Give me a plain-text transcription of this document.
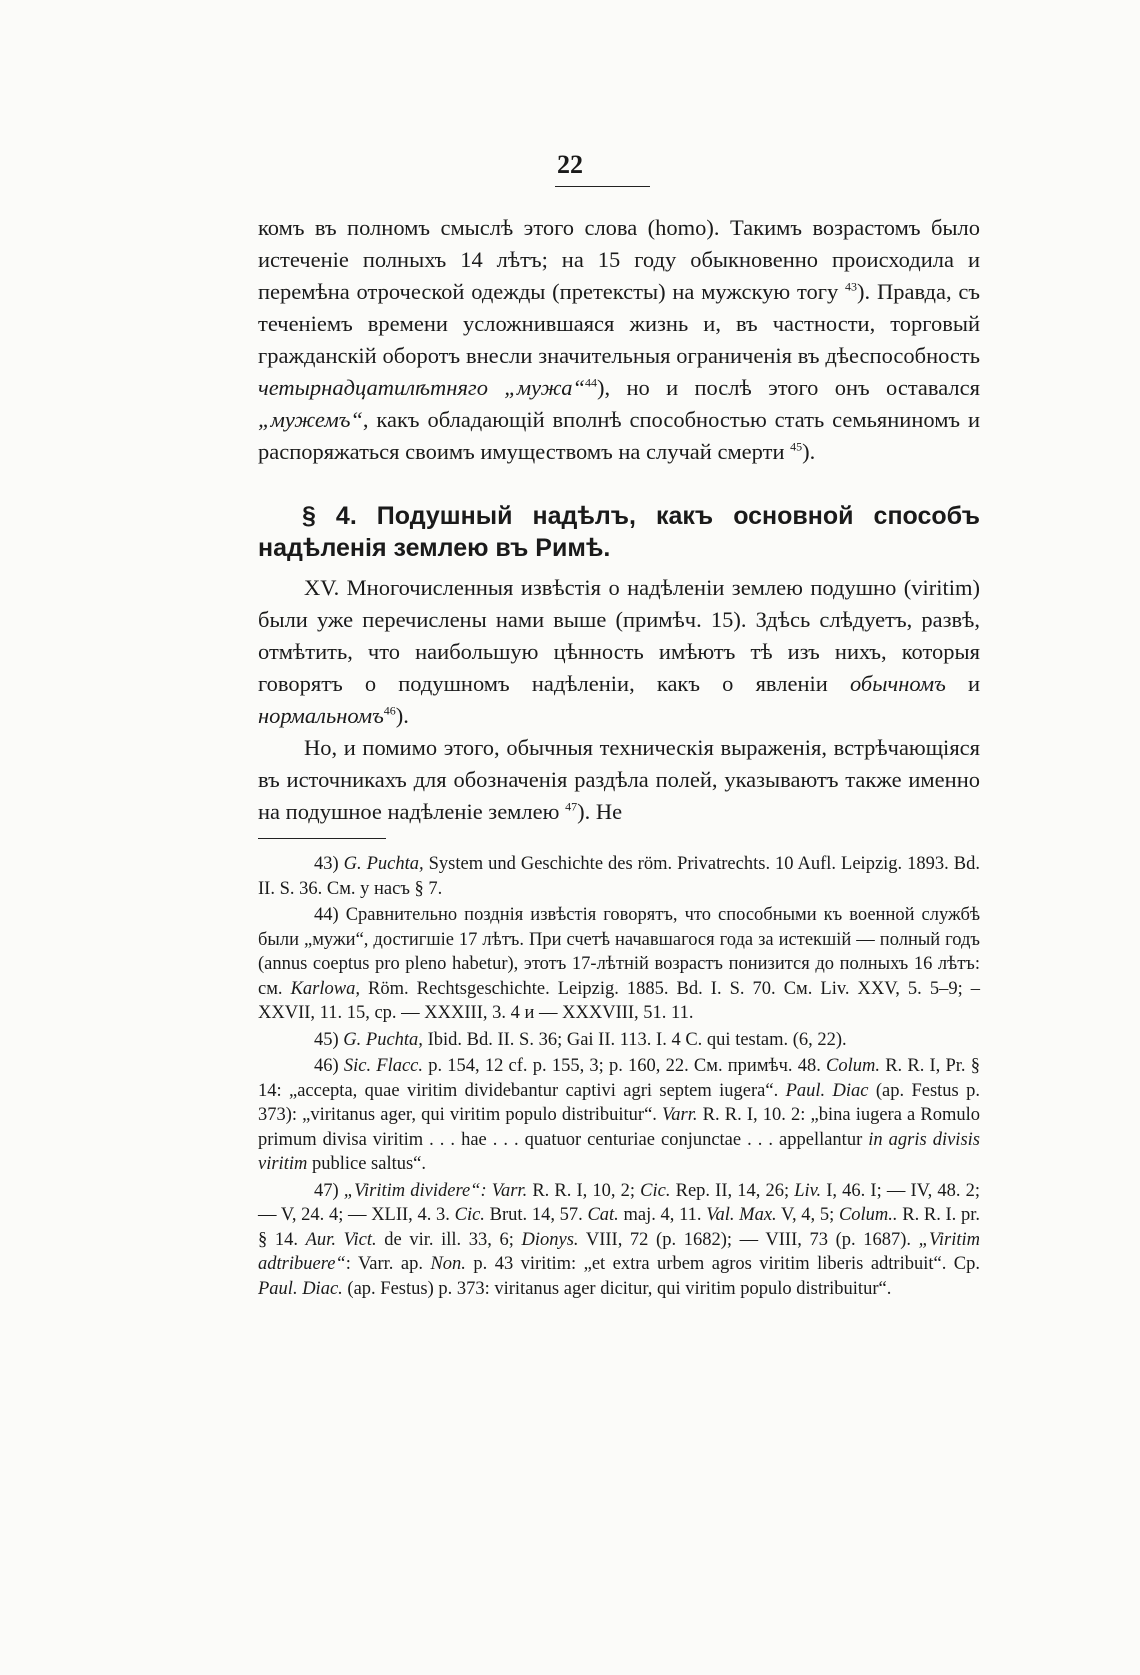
22

комъ въ полномъ смыслѣ этого слова (homo). Такимъ возрастомъ было истеченіе полныхъ 14 лѣтъ; на 15 году обыкновенно происходила и перемѣна отроческой одежды (претексты) на мужскую тогу $^{43}$). Правда, съ теченіемъ времени усложнившаяся жизнь и, въ частности, торговый гражданскій оборотъ внесли значительныя ограниченія въ дѣеспособность четырнадцатилѣтняго „мужа“$^{44}$), но и послѣ этого онъ оставался „мужемъ“, какъ обладающій вполнѣ способностью стать семьяниномъ и распоряжаться своимъ имуществомъ на случай смерти $^{45}$).

§ 4. Подушный надѣлъ, какъ основной способъ надѣленія землею въ Римѣ.

XV. Многочисленныя извѣстія о надѣленіи землею подушно (viritim) были уже перечислены нами выше (примѣч. 15). Здѣсь слѣдуетъ, развѣ, отмѣтить, что наибольшую цѣнность имѣютъ тѣ изъ нихъ, которыя говорятъ о подушномъ надѣленіи, какъ о явленіи обычномъ и нормальномъ$^{46}$).

Но, и помимо этого, обычныя техническія выраженія, встрѣчающіяся въ источникахъ для обозначенія раздѣла полей, указываютъ также именно на подушное надѣленіе землею $^{47}$). Не

43) G. Puchta, System und Geschichte des röm. Privatrechts. 10 Aufl. Leipzig. 1893. Bd. II. S. 36. См. у насъ § 7.

44) Сравнительно позднія извѣстія говорятъ, что способными къ военной службѣ были „мужи“, достигшіе 17 лѣтъ. При счетѣ начавшагося года за истекшій — полный годъ (annus coeptus pro pleno habetur), этотъ 17-лѣтній возрастъ понизится до полныхъ 16 лѣтъ: см. Karlowa, Röm. Rechtsgeschichte. Leipzig. 1885. Bd. I. S. 70. См. Liv. XXV, 5. 5–9; – XXVII, 11. 15, ср. — XXXIII, 3. 4 и — XXXVIII, 51. 11.

45) G. Puchta, Ibid. Bd. II. S. 36; Gai II. 113. I. 4 C. qui testam. (6, 22).

46) Sic. Flacc. p. 154, 12 cf. p. 155, 3; p. 160, 22. См. примѣч. 48. Colum. R. R. I, Pr. § 14: „accepta, quae viritim dividebantur captivi agri septem iugera“. Paul. Diac (ap. Festus p. 373): „viritanus ager, qui viritim populo distribuitur“. Varr. R. R. I, 10. 2: „bina iugera a Romulo primum divisa viritim . . . hae . . . quatuor centuriae conjunctae . . . appellantur in agris divisis viritim publice saltus“.

47) „Viritim dividere“: Varr. R. R. I, 10, 2; Cic. Rep. II, 14, 26; Liv. I, 46. I; — IV, 48. 2; — V, 24. 4; — XLII, 4. 3. Cic. Brut. 14, 57. Cat. maj. 4, 11. Val. Max. V, 4, 5; Colum.. R. R. I. pr. § 14. Aur. Vict. de vir. ill. 33, 6; Dionys. VIII, 72 (p. 1682); — VIII, 73 (p. 1687). „Viritim adtribuere“: Varr. ap. Non. p. 43 viritim: „et extra urbem agros viritim liberis adtribuit“. Ср. Paul. Diac. (ap. Festus) p. 373: viritanus ager dicitur, qui viritim populo distribuitur“.
